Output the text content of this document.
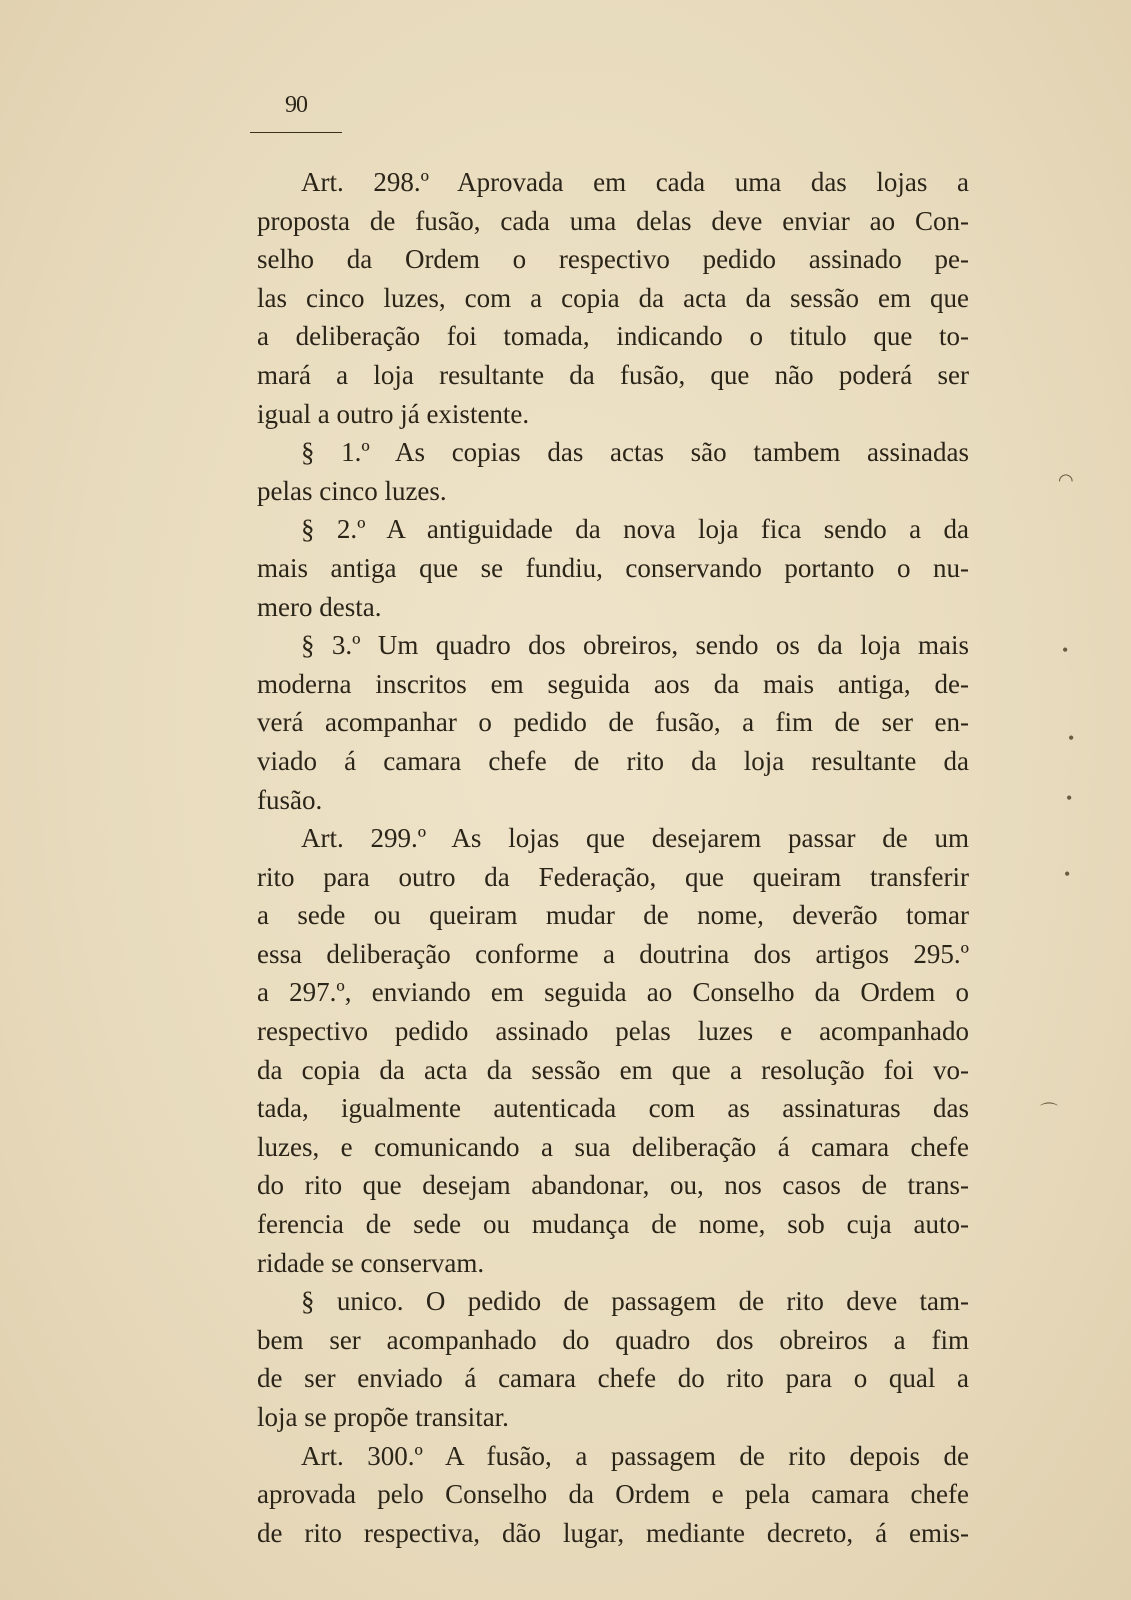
90
Art. 298.º Aprovada em cada uma das lojas a
proposta de fusão, cada uma delas deve enviar ao Con-
selho da Ordem o respectivo pedido assinado pe-
las cinco luzes, com a copia da acta da sessão em que
a deliberação foi tomada, indicando o titulo que to-
mará a loja resultante da fusão, que não poderá ser
igual a outro já existente.
§ 1.º As copias das actas são tambem assinadas
pelas cinco luzes.
§ 2.º A antiguidade da nova loja fica sendo a da
mais antiga que se fundiu, conservando portanto o nu-
mero desta.
§ 3.º Um quadro dos obreiros, sendo os da loja mais
moderna inscritos em seguida aos da mais antiga, de-
verá acompanhar o pedido de fusão, a fim de ser en-
viado á camara chefe de rito da loja resultante da
fusão.
Art. 299.º As lojas que desejarem passar de um
rito para outro da Federação, que queiram transferir
a sede ou queiram mudar de nome, deverão tomar
essa deliberação conforme a doutrina dos artigos 295.º
a 297.º, enviando em seguida ao Conselho da Ordem o
respectivo pedido assinado pelas luzes e acompanhado
da copia da acta da sessão em que a resolução foi vo-
tada, igualmente autenticada com as assinaturas das
luzes, e comunicando a sua deliberação á camara chefe
do rito que desejam abandonar, ou, nos casos de trans-
ferencia de sede ou mudança de nome, sob cuja auto-
ridade se conservam.
§ unico. O pedido de passagem de rito deve tam-
bem ser acompanhado do quadro dos obreiros a fim
de ser enviado á camara chefe do rito para o qual a
loja se propõe transitar.
Art. 300.º A fusão, a passagem de rito depois de
aprovada pelo Conselho da Ordem e pela camara chefe
de rito respectiva, dão lugar, mediante decreto, á emis-
◠
•
•
•
•
⌒
